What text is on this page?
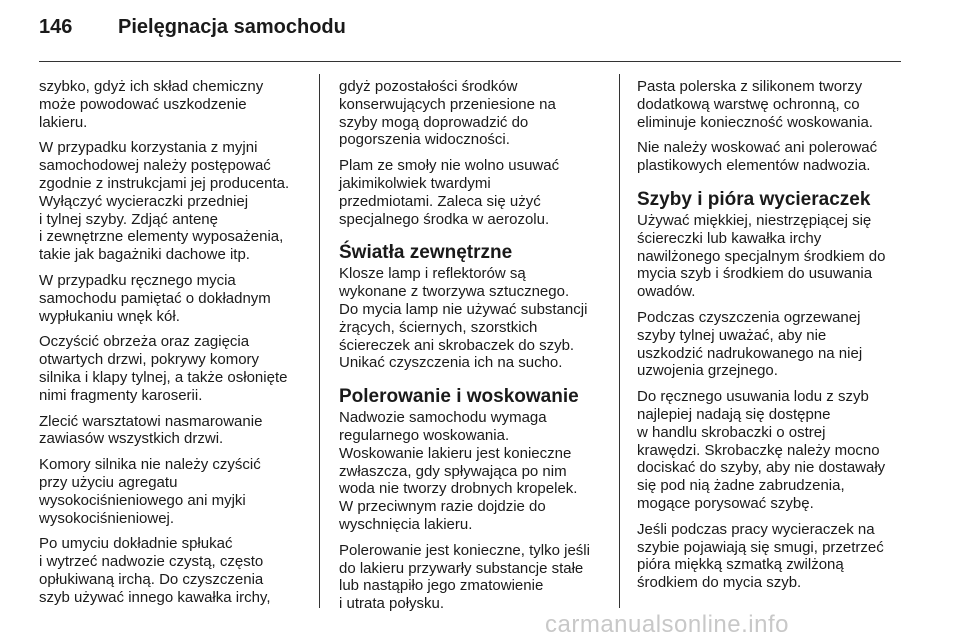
146 Pielęgnacja samochodu

szybko, gdyż ich skład chemiczny
może powodować uszkodzenie
lakieru.

W przypadku korzystania z myjni
samochodowej należy postępować
zgodnie z instrukcjami jej producenta.
Wyłączyć wycieraczki przedniej
i tylnej szyby. Zdjąć antenę
i zewnętrzne elementy wyposażenia,
takie jak bagażniki dachowe itp.

W przypadku ręcznego mycia
samochodu pamiętać o dokładnym
wypłukaniu wnęk kół.

Oczyścić obrzeża oraz zagięcia
otwartych drzwi, pokrywy komory
silnika i klapy tylnej, a także osłonięte
nimi fragmenty karoserii.

Zlecić warsztatowi nasmarowanie
zawiasów wszystkich drzwi.

Komory silnika nie należy czyścić
przy użyciu agregatu
wysokociśnieniowego ani myjki
wysokociśnieniowej.

Po umyciu dokładnie spłukać
i wytrzeć nadwozie czystą, często
opłukiwaną irchą. Do czyszczenia
szyb używać innego kawałka irchy,

gdyż pozostałości środków
konserwujących przeniesione na
szyby mogą doprowadzić do
pogorszenia widoczności.

Plam ze smoły nie wolno usuwać
jakimikolwiek twardymi
przedmiotami. Zaleca się użyć
specjalnego środka w aerozolu.

Światła zewnętrzne

Klosze lamp i reflektorów są
wykonane z tworzywa sztucznego.
Do mycia lamp nie używać substancji
żrących, ściernych, szorstkich
ściereczek ani skrobaczek do szyb.
Unikać czyszczenia ich na sucho.

Polerowanie i woskowanie

Nadwozie samochodu wymaga
regularnego woskowania.
Woskowanie lakieru jest konieczne
zwłaszcza, gdy spływająca po nim
woda nie tworzy drobnych kropelek.
W przeciwnym razie dojdzie do
wyschnięcia lakieru.

Polerowanie jest konieczne, tylko jeśli
do lakieru przywarły substancje stałe
lub nastąpiło jego zmatowienie
i utrata połysku.

Pasta polerska z silikonem tworzy
dodatkową warstwę ochronną, co
eliminuje konieczność woskowania.

Nie należy woskować ani polerować
plastikowych elementów nadwozia.

Szyby i pióra wycieraczek

Używać miękkiej, niestrzępiącej się
ściereczki lub kawałka irchy
nawilżonego specjalnym środkiem do
mycia szyb i środkiem do usuwania
owadów.

Podczas czyszczenia ogrzewanej
szyby tylnej uważać, aby nie
uszkodzić nadrukowanego na niej
uzwojenia grzejnego.

Do ręcznego usuwania lodu z szyb
najlepiej nadają się dostępne
w handlu skrobaczki o ostrej
krawędzi. Skrobaczkę należy mocno
dociskać do szyby, aby nie dostawały
się pod nią żadne zabrudzenia,
mogące porysować szybę.

Jeśli podczas pracy wycieraczek na
szybie pojawiają się smugi, przetrzeć
pióra miękką szmatką zwilżoną
środkiem do mycia szyb.

carmanualsonline.info
